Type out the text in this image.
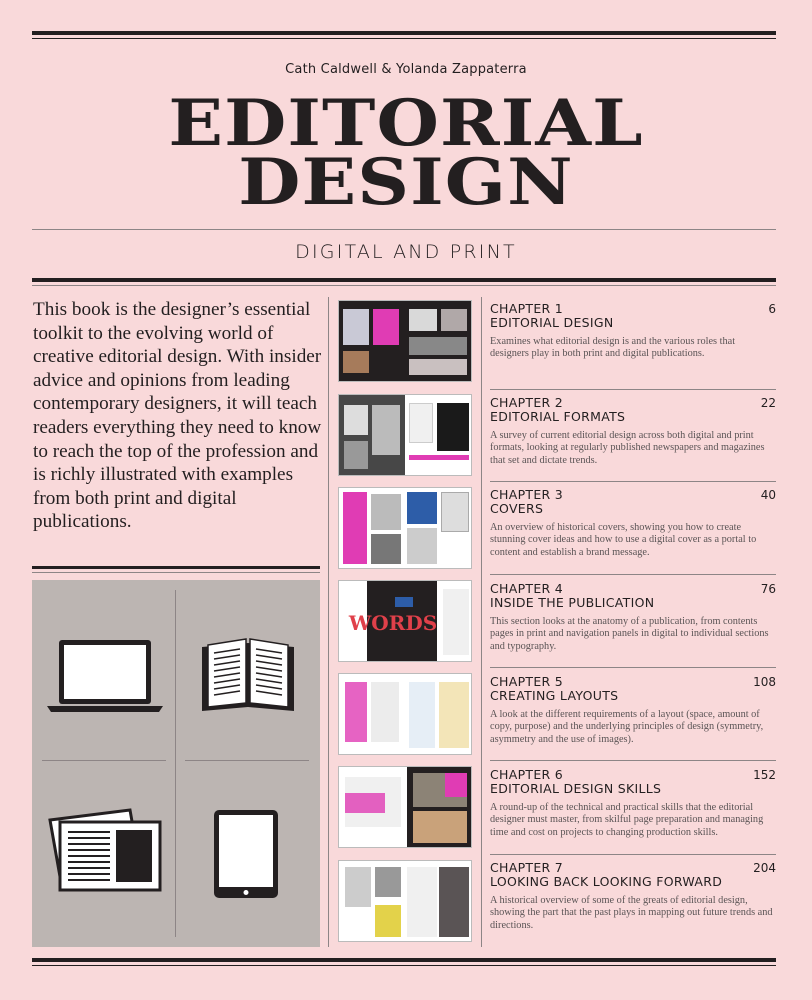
Cath Caldwell & Yolanda Zappaterra
EDITORIAL
DESIGN
DIGITAL AND PRINT
This book is the designer’s essential toolkit to the evolving world of creative editorial design. With insider advice and opinions from leading contemporary designers, it will teach readers everything they need to know to reach the top of the profession and is richly illustrated with examples from both print and digital publications.
WORDS
CHAPTER 1	6
EDITORIAL DESIGN
Examines what editorial design is and the various roles that designers play in both print and digital publications.
CHAPTER 2	22
EDITORIAL FORMATS
A survey of current editorial design across both digital and print formats, looking at regularly published newspapers and magazines that set and dictate trends.
CHAPTER 3	40
COVERS
An overview of historical covers, showing you how to create stunning cover ideas and how to use a digital cover as a portal to content and establish a brand message.
CHAPTER 4	76
INSIDE THE PUBLICATION
This section looks at the anatomy of a publication, from contents pages in print and navigation panels in digital to individual sections and typography.
CHAPTER 5	108
CREATING LAYOUTS
A look at the different requirements of a layout (space, amount of copy, purpose) and the underlying principles of design (symmetry, asymmetry and the use of images).
CHAPTER 6	152
EDITORIAL DESIGN SKILLS
A round-up of the technical and practical skills that the editorial designer must master, from skilful page preparation and managing time and cost on projects to changing production skills.
CHAPTER 7	204
LOOKING BACK LOOKING FORWARD
A historical overview of some of the greats of editorial design, showing the part that the past plays in mapping out future trends and directions.
